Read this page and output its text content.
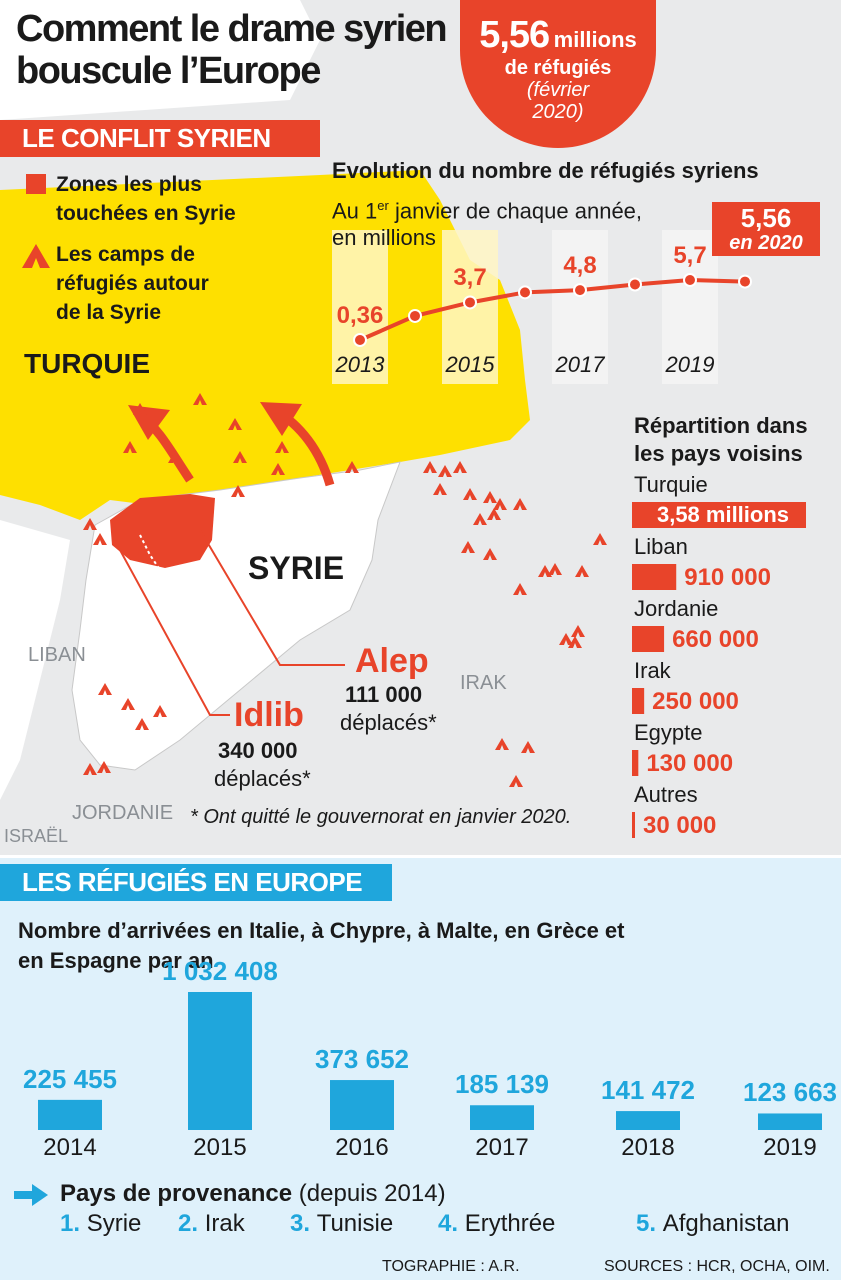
Comment le drame syrien
bouscule l’Europe
5,56 millions
de réfugiés
(février
2020)
LE CONFLIT SYRIEN
Zones les plus
touchées en Syrie
Les camps de
réfugiés autour
de la Syrie
TURQUIE
SYRIE
LIBAN
IRAK
JORDANIE
ISRAËL
Alep
111 000
déplacés*
Idlib
340 000
déplacés*
* Ont quitté le gouvernorat en janvier 2020.
Evolution du nombre de réfugiés syriens
Au 1er janvier de chaque année,
en millions
5,56
en 2020
2013	2015	2017	2019
0,36
3,7	4,8	5,7
Répartition dans
les pays voisins
Turquie
3,58 millions
Liban
910 000
Jordanie
660 000
Irak
250 000
Egypte
130 000
Autres
30 000
LES RÉFUGIÉS EN EUROPE
Nombre d’arrivées en Italie, à Chypre, à Malte, en Grèce et
en Espagne par an
225 455
2014
1 032 408
2015
373 652
2016
185 139
2017
141 472
2018
123 663
2019
Pays de provenance (depuis 2014)
1. Syrie 2. Irak 3. Tunisie 4. Erythrée	5. Afghanistan
TOGRAPHIE : A.R.	SOURCES : HCR, OCHA, OIM.
